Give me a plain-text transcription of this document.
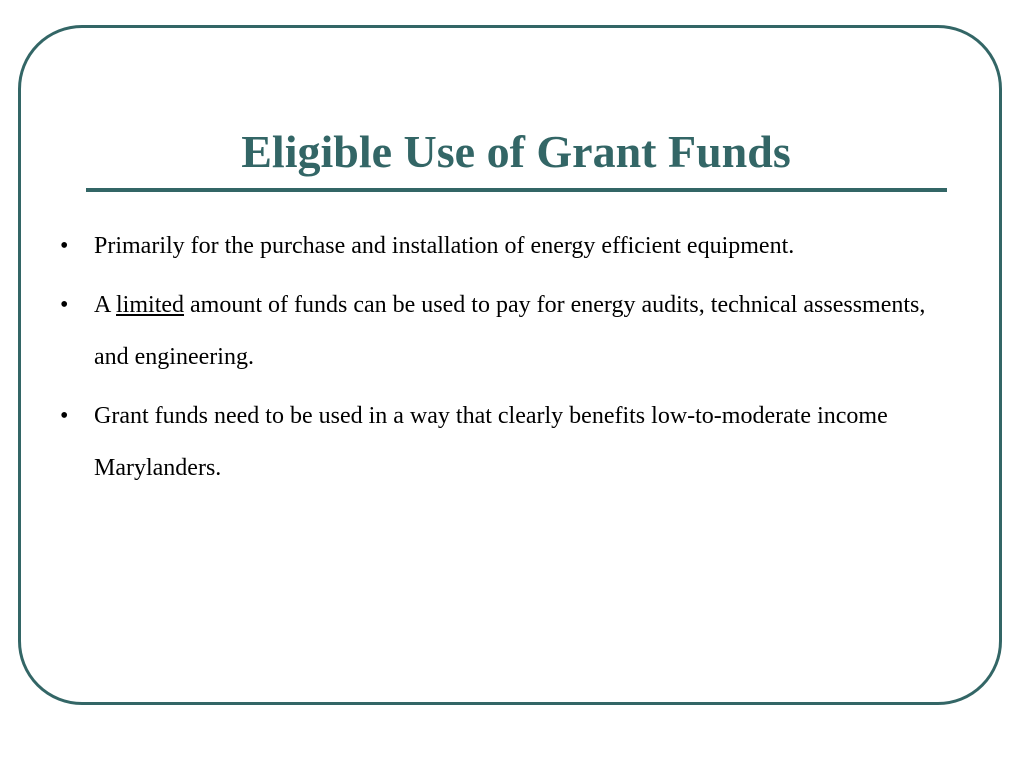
Eligible Use of Grant Funds
•	Primarily for the purchase and installation of energy efficient equipment.
•	A limited amount of funds can be used to pay for energy audits, technical assessments, and engineering.
•	Grant funds need to be used in a way that clearly benefits low-to-moderate income Marylanders.
